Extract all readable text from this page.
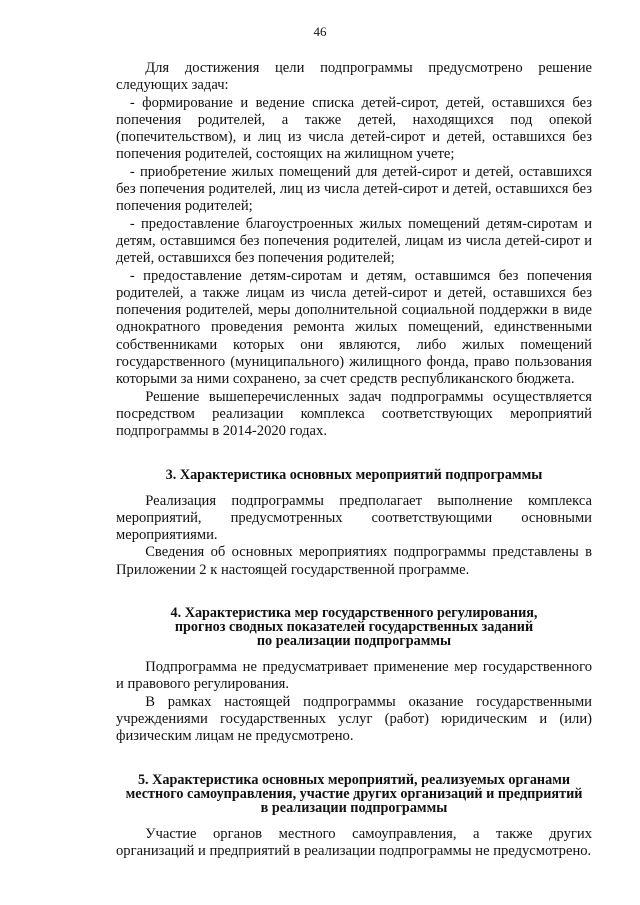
46

Для достижения цели подпрограммы предусмотрено решение следующих задач:

- формирование и ведение списка детей-сирот, детей, оставшихся без попечения родителей, а также детей, находящихся под опекой (попечительством), и лиц из числа детей-сирот и детей, оставшихся без попечения родителей, состоящих на жилищном учете;

- приобретение жилых помещений для детей-сирот и детей, оставшихся без попечения родителей, лиц из числа детей-сирот и детей, оставшихся без попечения родителей;

- предоставление благоустроенных жилых помещений детям-сиротам и детям, оставшимся без попечения родителей, лицам из числа детей-сирот и детей, оставшихся без попечения родителей;

- предоставление детям-сиротам и детям, оставшимся без попечения родителей, а также лицам из числа детей-сирот и детей, оставшихся без попечения родителей, меры дополнительной социальной поддержки в виде однократного проведения ремонта жилых помещений, единственными собственниками которых они являются, либо жилых помещений государственного (муниципального) жилищного фонда, право пользования которыми за ними сохранено, за счет средств республиканского бюджета.

Решение вышеперечисленных задач подпрограммы осуществляется посредством реализации комплекса соответствующих мероприятий подпрограммы в 2014-2020 годах.

3. Характеристика основных мероприятий подпрограммы

Реализация подпрограммы предполагает выполнение комплекса мероприятий, предусмотренных соответствующими основными мероприятиями.

Сведения об основных мероприятиях подпрограммы представлены в Приложении 2 к настоящей государственной программе.

4. Характеристика мер государственного регулирования,
прогноз сводных показателей государственных заданий
по реализации подпрограммы

Подпрограмма не предусматривает применение мер государственного и правового регулирования.

В рамках настоящей подпрограммы оказание государственными учреждениями государственных услуг (работ) юридическим и (или) физическим лицам не предусмотрено.

5. Характеристика основных мероприятий, реализуемых органами
местного самоуправления, участие других организаций и предприятий
в реализации подпрограммы

Участие органов местного самоуправления, а также других организаций и предприятий в реализации подпрограммы не предусмотрено.
